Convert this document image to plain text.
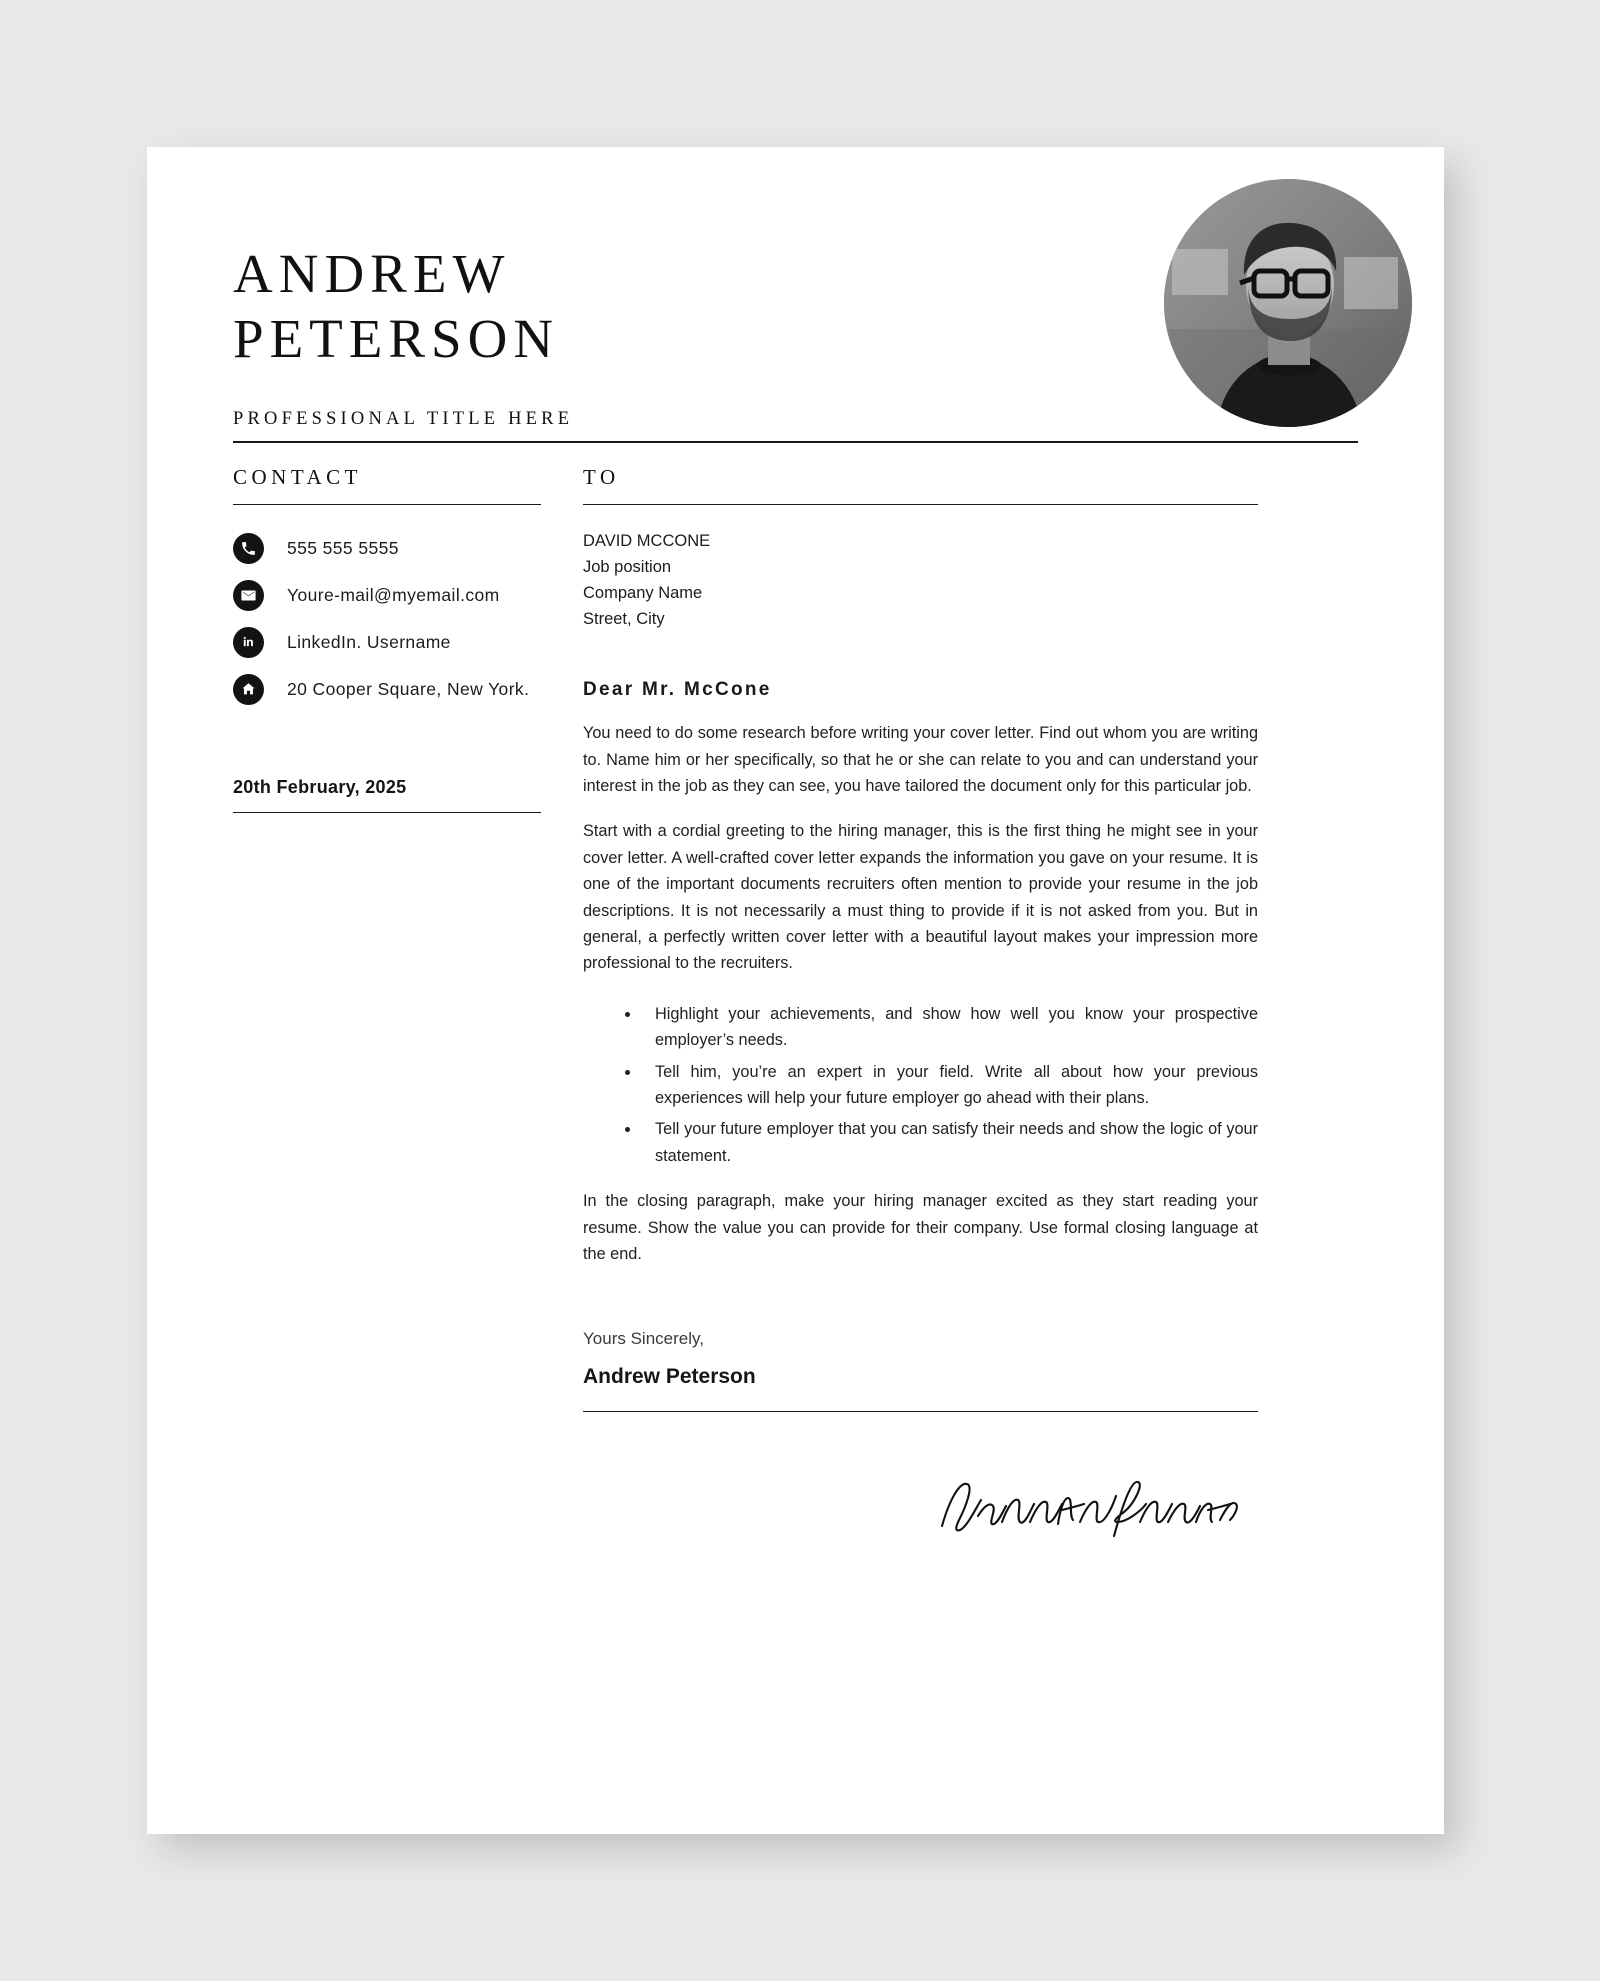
ANDREW
PETERSON
PROFESSIONAL TITLE HERE
CONTACT
555 555 5555
Youre-mail@myemail.com
LinkedIn. Username
20 Cooper Square, New York.
20th February, 2025
TO
DAVID MCCONE
Job position
Company Name
Street, City
Dear Mr. McCone

You need to do some research before writing your cover letter. Find out whom you are writing to. Name him or her specifically, so that he or she can relate to you and can understand your interest in the job as they can see, you have tailored the document only for this particular job.

Start with a cordial greeting to the hiring manager, this is the first thing he might see in your cover letter. A well-crafted cover letter expands the information you gave on your resume. It is one of the important documents recruiters often mention to provide your resume in the job descriptions. It is not necessarily a must thing to provide if it is not asked from you. But in general, a perfectly written cover letter with a beautiful layout makes your impression more professional to the recruiters.

• Highlight your achievements, and show how well you know your prospective employer’s needs.
• Tell him, you’re an expert in your field. Write all about how your previous experiences will help your future employer go ahead with their plans.
• Tell your future employer that you can satisfy their needs and show the logic of your statement.

In the closing paragraph, make your hiring manager excited as they start reading your resume. Show the value you can provide for their company. Use formal closing language at the end.

Yours Sincerely,
Andrew Peterson
